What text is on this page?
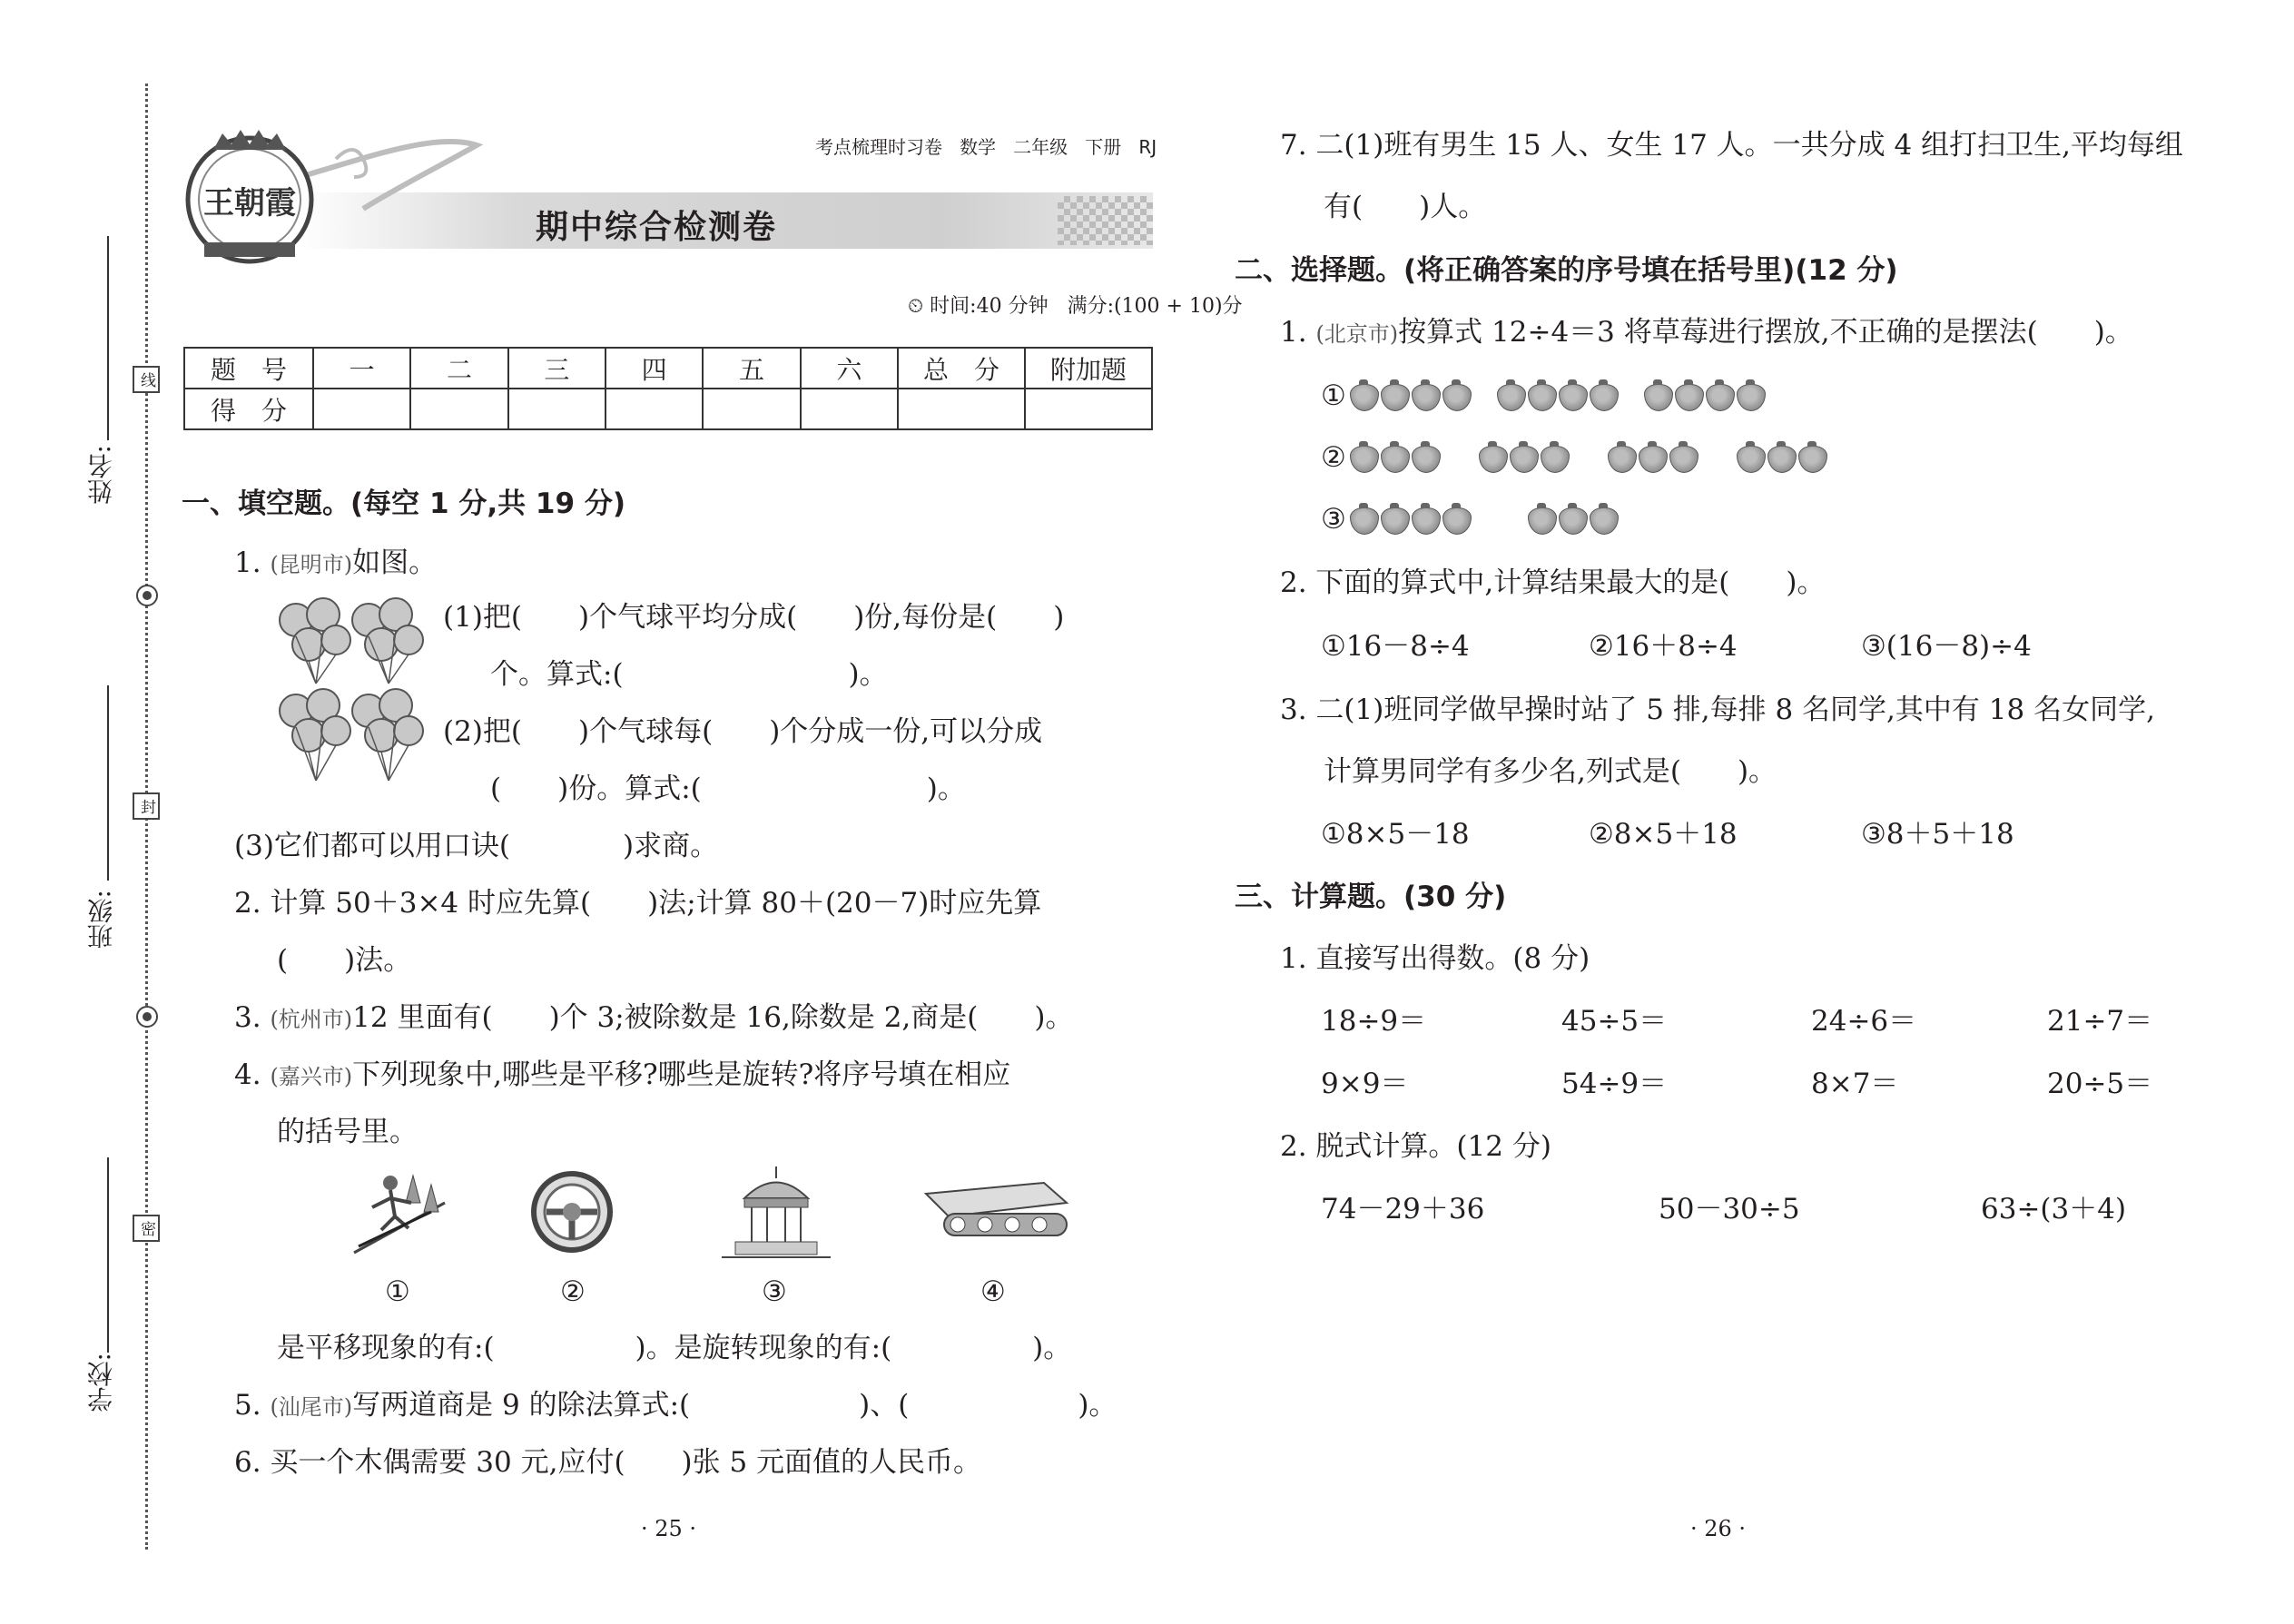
姓名:
班级:
学校:
线
封
密
王朝霞
考点梳理时习卷 数学 二年级 下册 RJ
期中综合检测卷
⏲ 时间:40 分钟 满分:(100 + 10)分
题　号	一	二	三	四	五	六	总　分	附加题
得　分								
一、填空题。(每空 1 分,共 19 分)
1. (昆明市)如图。
(1)把(　　)个气球平均分成(　　)份,每份是(　　)
个。算式:(　　　　　　　　)。
(2)把(　　)个气球每(　　)个分成一份,可以分成
(　　)份。算式:(　　　　　　　　)。
(3)它们都可以用口诀(　　　　)求商。
2. 计算 50＋3×4 时应先算(　　)法;计算 80＋(20－7)时应先算
(　　)法。
3. (杭州市)12 里面有(　　)个 3;被除数是 16,除数是 2,商是(　　)。
4. (嘉兴市)下列现象中,哪些是平移?哪些是旋转?将序号填在相应
的括号里。
①	②	③	④
是平移现象的有:(　　　　　)。是旋转现象的有:(　　　　　)。
5. (汕尾市)写两道商是 9 的除法算式:(　　　　　　)、(　　　　　　)。
6. 买一个木偶需要 30 元,应付(　　)张 5 元面值的人民币。
· 25 ·
7. 二(1)班有男生 15 人、女生 17 人。一共分成 4 组打扫卫生,平均每组
有(　　)人。
二、选择题。(将正确答案的序号填在括号里)(12 分)
1. (北京市)按算式 12÷4＝3 将草莓进行摆放,不正确的是摆法(　　)。
①
②
③
2. 下面的算式中,计算结果最大的是(　　)。
①16－8÷4	②16＋8÷4	③(16－8)÷4
3. 二(1)班同学做早操时站了 5 排,每排 8 名同学,其中有 18 名女同学,
计算男同学有多少名,列式是(　　)。
①8×5－18	②8×5＋18	③8＋5＋18
三、计算题。(30 分)
1. 直接写出得数。(8 分)
18÷9＝	45÷5＝	24÷6＝	21÷7＝
9×9＝	54÷9＝	8×7＝	20÷5＝
2. 脱式计算。(12 分)
74－29＋36	50－30÷5	63÷(3＋4)
· 26 ·
